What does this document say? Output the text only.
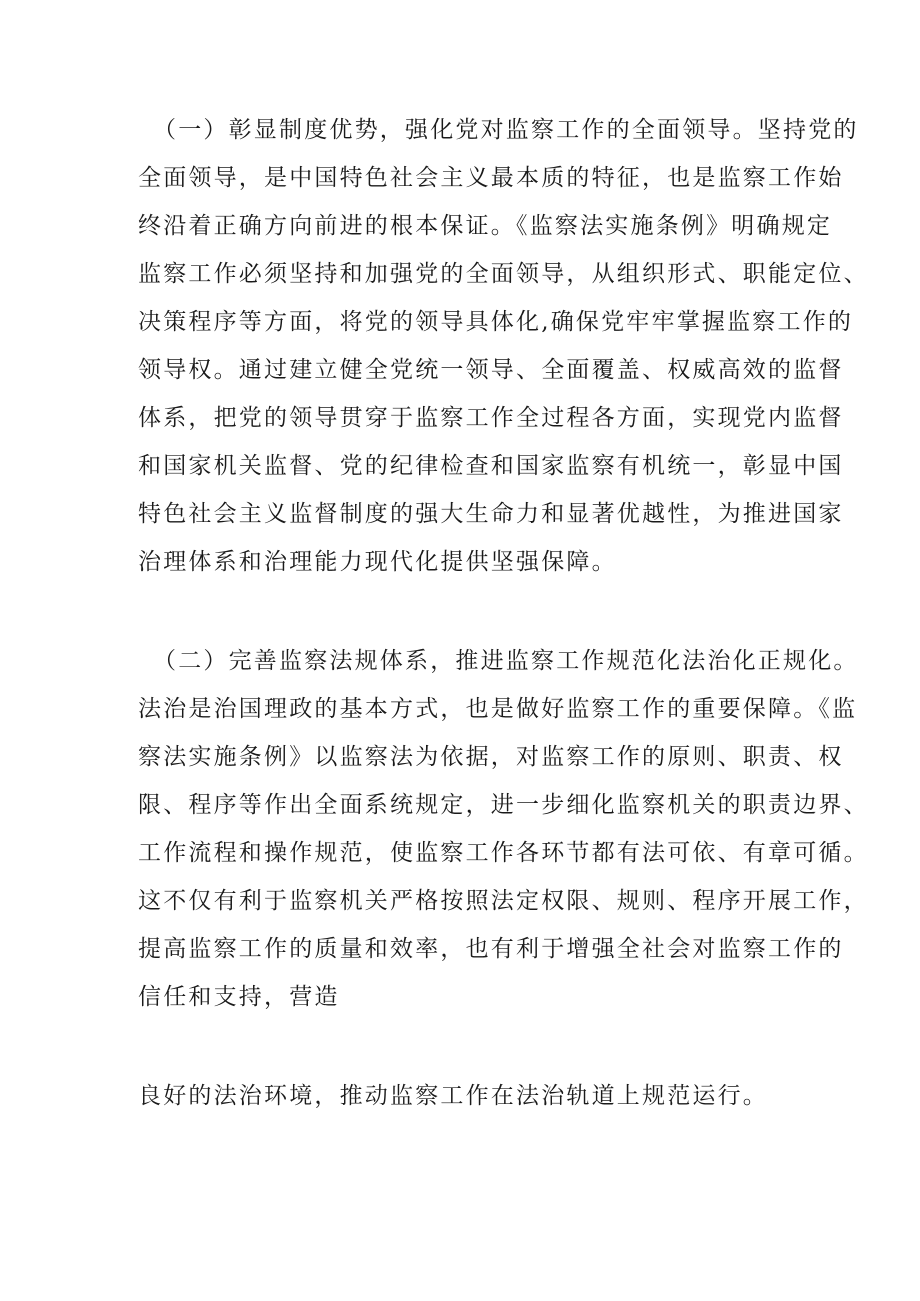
（一）彰显制度优势，强化党对监察工作的全面领导。坚持党的
全面领导，是中国特色社会主义最本质的特征，也是监察工作始
终沿着正确方向前进的根本保证。《监察法实施条例》明确规定
监察工作必须坚持和加强党的全面领导，从组织形式、职能定位、
决策程序等方面，将党的领导具体化,确保党牢牢掌握监察工作的
领导权。通过建立健全党统一领导、全面覆盖、权威高效的监督
体系，把党的领导贯穿于监察工作全过程各方面，实现党内监督
和国家机关监督、党的纪律检查和国家监察有机统一，彰显中国
特色社会主义监督制度的强大生命力和显著优越性，为推进国家
治理体系和治理能力现代化提供坚强保障。
（二）完善监察法规体系，推进监察工作规范化法治化正规化。
法治是治国理政的基本方式，也是做好监察工作的重要保障。《监
察法实施条例》以监察法为依据，对监察工作的原则、职责、权
限、程序等作出全面系统规定，进一步细化监察机关的职责边界、
工作流程和操作规范，使监察工作各环节都有法可依、有章可循。
这不仅有利于监察机关严格按照法定权限、规则、程序开展工作，
提高监察工作的质量和效率，也有利于增强全社会对监察工作的
信任和支持，营造
良好的法治环境，推动监察工作在法治轨道上规范运行。
